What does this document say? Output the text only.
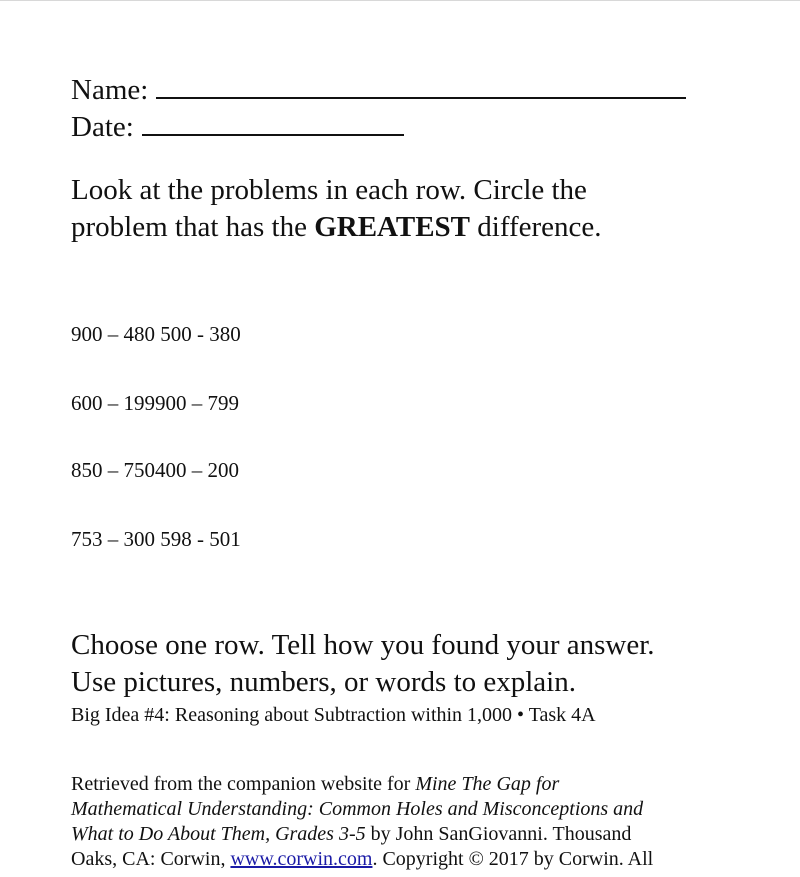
Name:
Date:
Look at the problems in each row. Circle the
problem that has the GREATEST difference.
900 – 480 500 - 380
600 – 199900 – 799
850 – 750400 – 200
753 – 300 598 - 501
Choose one row. Tell how you found your answer.
Use pictures, numbers, or words to explain.
Big Idea #4: Reasoning about Subtraction within 1,000 • Task 4A
Retrieved from the companion website for Mine The Gap for
Mathematical Understanding: Common Holes and Misconceptions and
What to Do About Them, Grades 3-5 by John SanGiovanni. Thousand
Oaks, CA: Corwin, www.corwin.com. Copyright © 2017 by Corwin. All
